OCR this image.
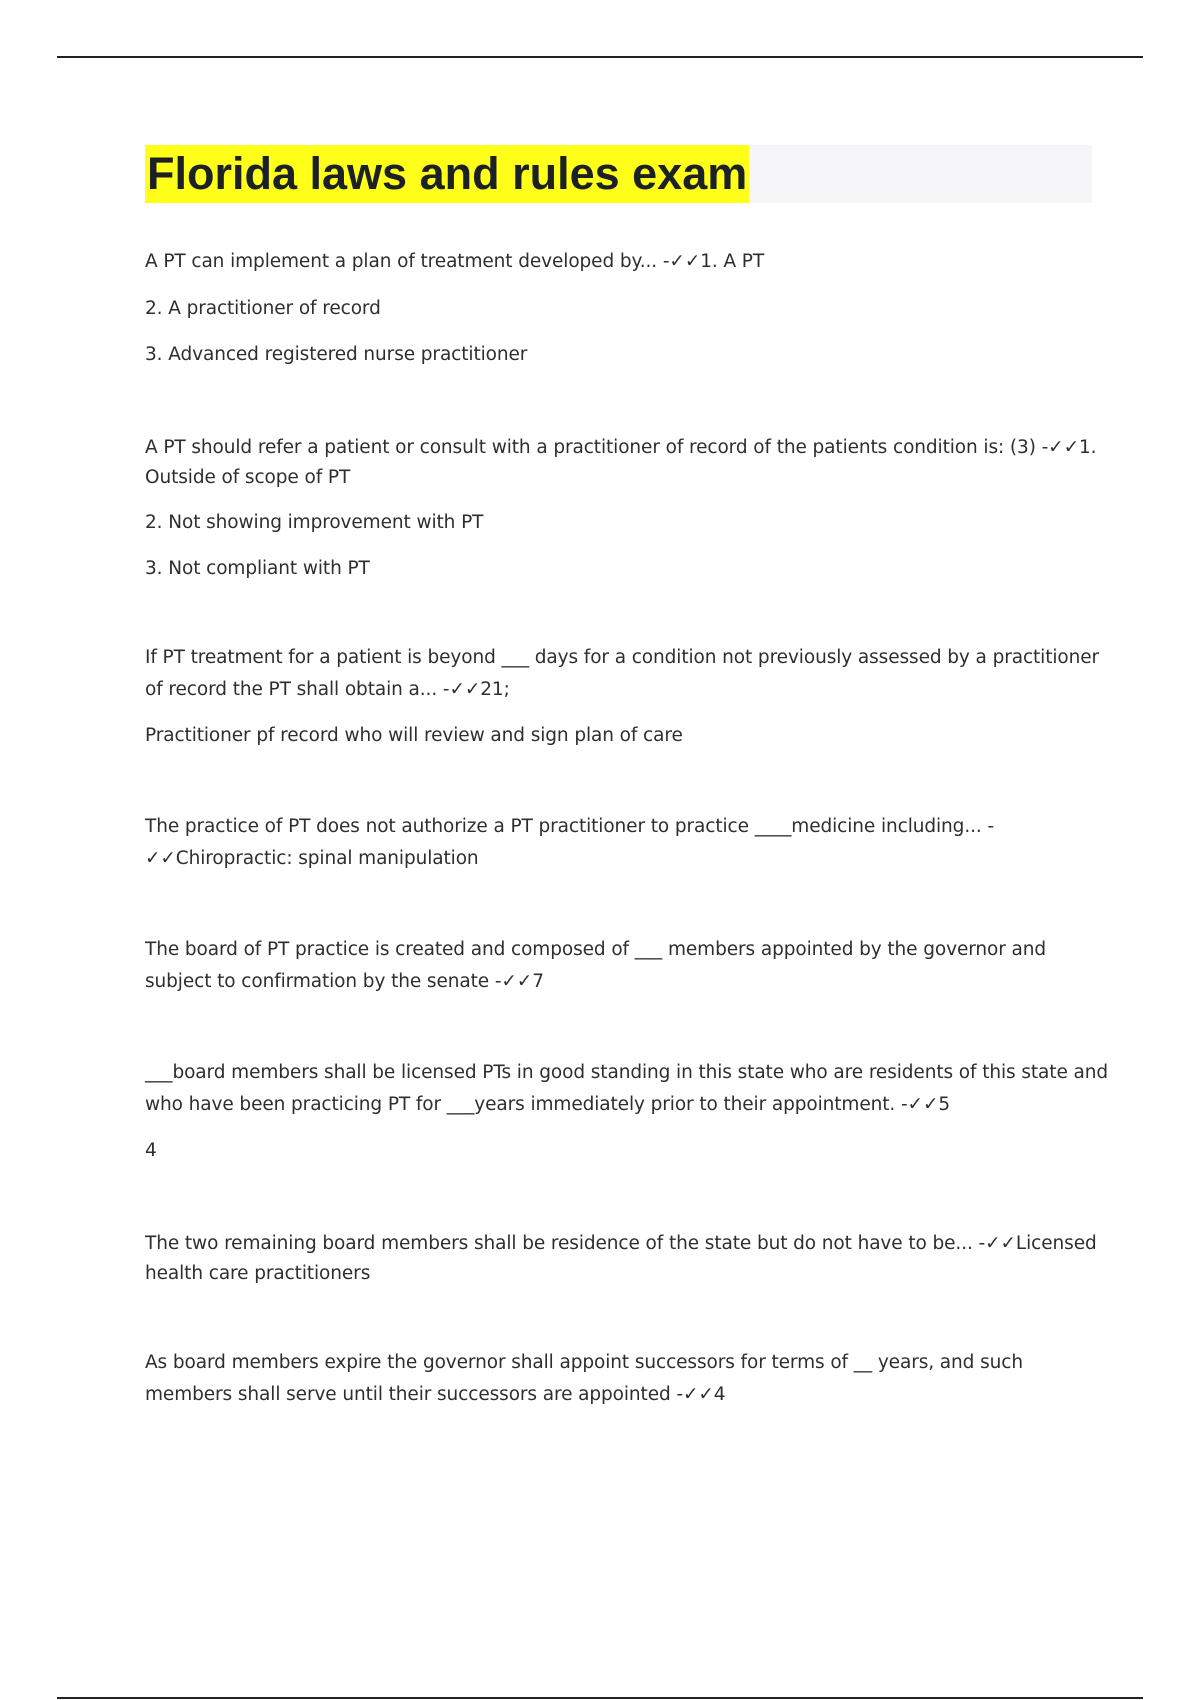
Florida laws and rules exam
A PT can implement a plan of treatment developed by... -✓✓1. A PT
2. A practitioner of record
3. Advanced registered nurse practitioner
A PT should refer a patient or consult with a practitioner of record of the patients condition is: (3) -✓✓1.
Outside of scope of PT
2. Not showing improvement with PT
3. Not compliant with PT
If PT treatment for a patient is beyond ___ days for a condition not previously assessed by a practitioner
of record the PT shall obtain a... -✓✓21;
Practitioner pf record who will review and sign plan of care
The practice of PT does not authorize a PT practitioner to practice ____medicine including... -
✓✓Chiropractic: spinal manipulation
The board of PT practice is created and composed of ___ members appointed by the governor and
subject to confirmation by the senate -✓✓7
___board members shall be licensed PTs in good standing in this state who are residents of this state and
who have been practicing PT for ___years immediately prior to their appointment. -✓✓5
4
The two remaining board members shall be residence of the state but do not have to be... -✓✓Licensed
health care practitioners
As board members expire the governor shall appoint successors for terms of __ years, and such
members shall serve until their successors are appointed -✓✓4
